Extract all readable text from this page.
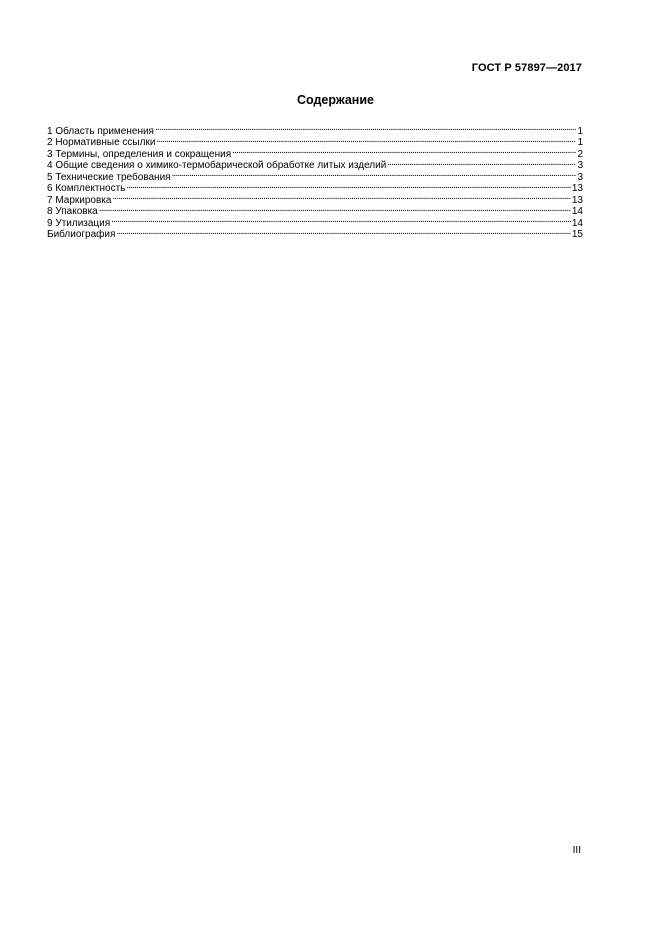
ГОСТ Р 57897—2017
Содержание
1 Область применения . . .	1
2 Нормативные ссылки . . .	1
3 Термины, определения и сокращения . . .	2
4 Общие сведения о химико-термобарической обработке литых изделий . . .	3
5 Технические требования . . .	3
6 Комплектность . . .	13
7 Маркировка . . .	13
8 Упаковка . . .	14
9 Утилизация . . .	14
Библиография . . .	15
III
